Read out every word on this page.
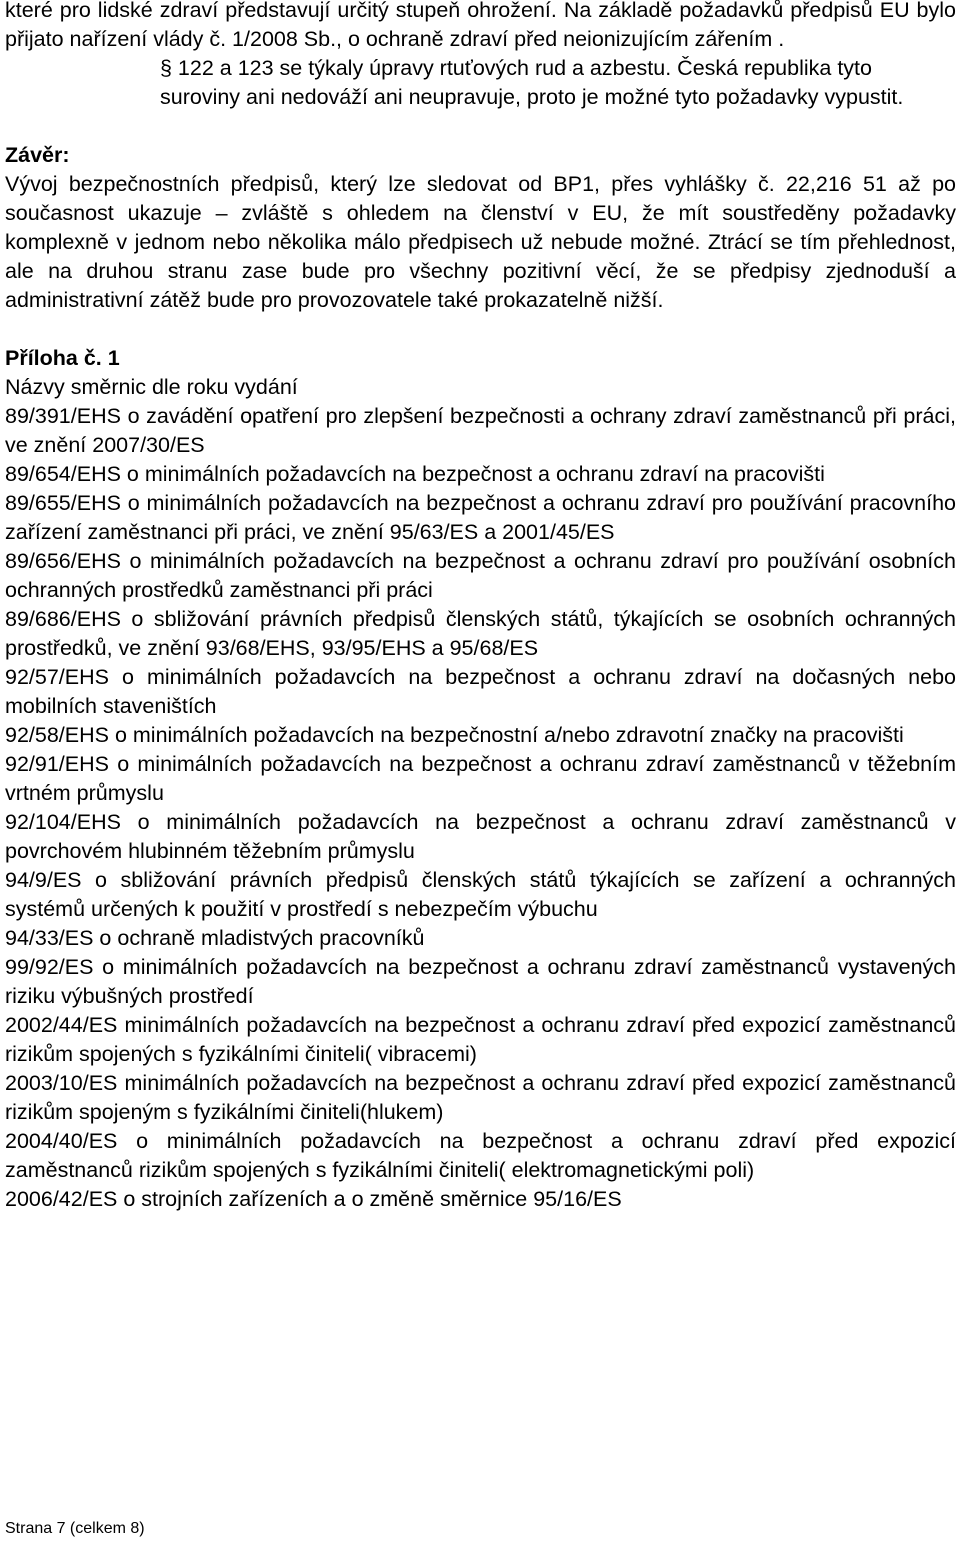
které pro lidské zdraví představují určitý stupeň ohrožení. Na základě požadavků předpisů EU bylo přijato nařízení vlády č. 1/2008 Sb., o ochraně zdraví před neionizujícím zářením .

§ 122 a 123 se týkaly úpravy rtuťových rud a azbestu. Česká republika tyto suroviny ani nedováží ani neupravuje, proto je možné tyto požadavky vypustit.

Závěr:

Vývoj bezpečnostních předpisů, který lze sledovat od BP1, přes vyhlášky č. 22,216 51 až po současnost ukazuje – zvláště s ohledem na členství v EU, že mít soustředěny požadavky komplexně v jednom nebo několika málo předpisech už nebude možné. Ztrácí se tím přehlednost, ale na druhou stranu zase bude pro všechny pozitivní věcí, že se předpisy zjednoduší a administrativní zátěž bude pro provozovatele také prokazatelně nižší.

Příloha č. 1
Názvy směrnic dle roku vydání
89/391/EHS o zavádění opatření pro zlepšení bezpečnosti a ochrany zdraví zaměstnanců při práci, ve znění 2007/30/ES
89/654/EHS o minimálních požadavcích na bezpečnost a ochranu zdraví na pracovišti
89/655/EHS o minimálních požadavcích na bezpečnost a ochranu zdraví pro používání pracovního zařízení zaměstnanci při práci, ve znění 95/63/ES a 2001/45/ES
89/656/EHS o minimálních požadavcích na bezpečnost a ochranu zdraví pro používání osobních ochranných prostředků zaměstnanci při práci
89/686/EHS o sbližování právních předpisů členských států, týkajících se osobních ochranných prostředků, ve znění 93/68/EHS, 93/95/EHS a 95/68/ES
92/57/EHS o minimálních požadavcích na bezpečnost a ochranu zdraví na dočasných nebo mobilních staveništích
92/58/EHS o minimálních požadavcích na bezpečnostní a/nebo zdravotní značky na pracovišti
92/91/EHS o minimálních požadavcích na bezpečnost a ochranu zdraví zaměstnanců v těžebním vrtném průmyslu
92/104/EHS o minimálních požadavcích na bezpečnost a ochranu zdraví zaměstnanců v povrchovém hlubinném těžebním průmyslu
94/9/ES o sbližování právních předpisů členských států týkajících se zařízení a ochranných systémů určených k použití v prostředí s nebezpečím výbuchu
94/33/ES o ochraně mladistvých pracovníků
99/92/ES o minimálních požadavcích na bezpečnost a ochranu zdraví zaměstnanců vystavených riziku výbušných prostředí
2002/44/ES minimálních požadavcích na bezpečnost a ochranu zdraví před expozicí zaměstnanců rizikům spojených s fyzikálními činiteli( vibracemi)
2003/10/ES minimálních požadavcích na bezpečnost a ochranu zdraví před expozicí zaměstnanců rizikům spojeným s fyzikálními činiteli(hlukem)
2004/40/ES o minimálních požadavcích na bezpečnost a ochranu zdraví před expozicí zaměstnanců rizikům spojených s fyzikálními činiteli( elektromagnetickými poli)
2006/42/ES o strojních zařízeních a o změně směrnice 95/16/ES
Strana 7 (celkem 8)
